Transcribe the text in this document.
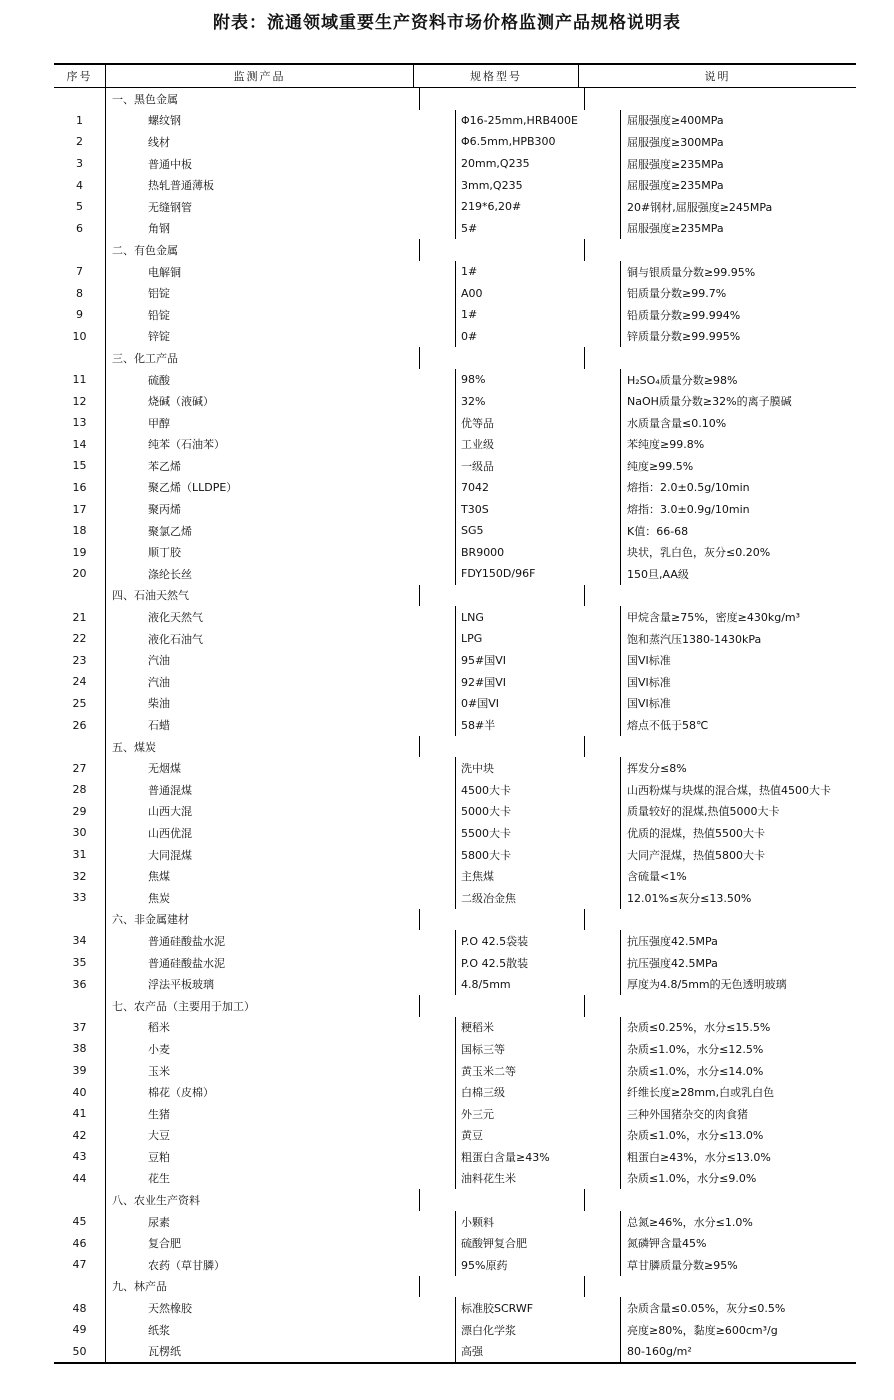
附表：流通领域重要生产资料市场价格监测产品规格说明表
序号	监测产品	规格型号	说明
一、黑色金属
1	螺纹钢	Φ16-25mm,HRB400E	屈服强度≥400MPa
2	线材	Φ6.5mm,HPB300	屈服强度≥300MPa
3	普通中板	20mm,Q235	屈服强度≥235MPa
4	热轧普通薄板	3mm,Q235	屈服强度≥235MPa
5	无缝钢管	219*6,20#	20#钢材,屈服强度≥245MPa
6	角钢	5#	屈服强度≥235MPa
二、有色金属
7	电解铜	1#	铜与银质量分数≥99.95%
8	铝锭	A00	铝质量分数≥99.7%
9	铅锭	1#	铅质量分数≥99.994%
10	锌锭	0#	锌质量分数≥99.995%
三、化工产品
11	硫酸	98%	H₂SO₄质量分数≥98%
12	烧碱（液碱）	32%	NaOH质量分数≥32%的离子膜碱
13	甲醇	优等品	水质量含量≤0.10%
14	纯苯（石油苯）	工业级	苯纯度≥99.8%
15	苯乙烯	一级品	纯度≥99.5%
16	聚乙烯（LLDPE）	7042	熔指：2.0±0.5g/10min
17	聚丙烯	T30S	熔指：3.0±0.9g/10min
18	聚氯乙烯	SG5	K值：66-68
19	顺丁胶	BR9000	块状，乳白色，灰分≤0.20%
20	涤纶长丝	FDY150D/96F	150旦,AA级
四、石油天然气
21	液化天然气	LNG	甲烷含量≥75%，密度≥430kg/m³
22	液化石油气	LPG	饱和蒸汽压1380-1430kPa
23	汽油	95#国VI	国VI标准
24	汽油	92#国VI	国VI标准
25	柴油	0#国VI	国VI标准
26	石蜡	58#半	熔点不低于58℃
五、煤炭
27	无烟煤	洗中块	挥发分≤8%
28	普通混煤	4500大卡	山西粉煤与块煤的混合煤，热值4500大卡
29	山西大混	5000大卡	质量较好的混煤,热值5000大卡
30	山西优混	5500大卡	优质的混煤，热值5500大卡
31	大同混煤	5800大卡	大同产混煤，热值5800大卡
32	焦煤	主焦煤	含硫量<1%
33	焦炭	二级冶金焦	12.01%≤灰分≤13.50%
六、非金属建材
34	普通硅酸盐水泥	P.O 42.5袋装	抗压强度42.5MPa
35	普通硅酸盐水泥	P.O 42.5散装	抗压强度42.5MPa
36	浮法平板玻璃	4.8/5mm	厚度为4.8/5mm的无色透明玻璃
七、农产品（主要用于加工）
37	稻米	粳稻米	杂质≤0.25%，水分≤15.5%
38	小麦	国标三等	杂质≤1.0%，水分≤12.5%
39	玉米	黄玉米二等	杂质≤1.0%，水分≤14.0%
40	棉花（皮棉）	白棉三级	纤维长度≥28mm,白或乳白色
41	生猪	外三元	三种外国猪杂交的肉食猪
42	大豆	黄豆	杂质≤1.0%，水分≤13.0%
43	豆粕	粗蛋白含量≥43%	粗蛋白≥43%，水分≤13.0%
44	花生	油料花生米	杂质≤1.0%，水分≤9.0%
八、农业生产资料
45	尿素	小颗料	总氮≥46%，水分≤1.0%
46	复合肥	硫酸钾复合肥	氮磷钾含量45%
47	农药（草甘膦）	95%原药	草甘膦质量分数≥95%
九、林产品
48	天然橡胶	标准胶SCRWF	杂质含量≤0.05%，灰分≤0.5%
49	纸浆	漂白化学浆	亮度≥80%，黏度≥600cm³/g
50	瓦楞纸	高强	80-160g/m²
